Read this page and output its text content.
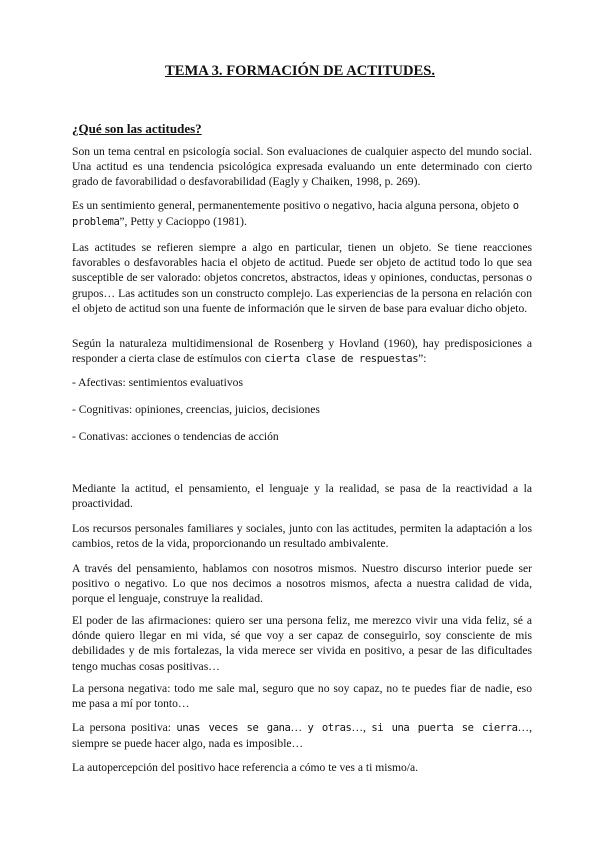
TEMA 3. FORMACIÓN DE ACTITUDES.
¿Qué son las actitudes?

Son un tema central en psicología social. Son evaluaciones de cualquier aspecto del mundo social. Una actitud es una tendencia psicológica expresada evaluando un ente determinado con cierto grado de favorabilidad o desfavorabilidad (Eagly y Chaiken, 1998, p. 269).

Es un sentimiento general, permanentemente positivo o negativo, hacia alguna persona, objeto o problema”, Petty y Cacioppo (1981).

Las actitudes se refieren siempre a algo en particular, tienen un objeto. Se tiene reacciones favorables o desfavorables hacia el objeto de actitud. Puede ser objeto de actitud todo lo que sea susceptible de ser valorado: objetos concretos, abstractos, ideas y opiniones, conductas, personas o grupos… Las actitudes son un constructo complejo. Las experiencias de la persona en relación con el objeto de actitud son una fuente de información que le sirven de base para evaluar dicho objeto.

Según la naturaleza multidimensional de Rosenberg y Hovland (1960), hay predisposiciones a responder a cierta clase de estímulos con cierta clase de respuestas”:

- Afectivas: sentimientos evaluativos

- Cognitivas: opiniones, creencias, juicios, decisiones

- Conativas: acciones o tendencias de acción

Mediante la actitud, el pensamiento, el lenguaje y la realidad, se pasa de la reactividad a la proactividad.

Los recursos personales familiares y sociales, junto con las actitudes, permiten la adaptación a los cambios, retos de la vida, proporcionando un resultado ambivalente.

A través del pensamiento, hablamos con nosotros mismos. Nuestro discurso interior puede ser positivo o negativo. Lo que nos decimos a nosotros mismos, afecta a nuestra calidad de vida, porque el lenguaje, construye la realidad.

El poder de las afirmaciones: quiero ser una persona feliz, me merezco vivir una vida feliz, sé a dónde quiero llegar en mi vida, sé que voy a ser capaz de conseguirlo, soy consciente de mis debilidades y de mis fortalezas, la vida merece ser vivida en positivo, a pesar de las dificultades tengo muchas cosas positivas…

La persona negativa: todo me sale mal, seguro que no soy capaz, no te puedes fiar de nadie, eso me pasa a mí por tonto…

La persona positiva: unas veces se gana… y otras…, si una puerta se cierra…, siempre se puede hacer algo, nada es imposible…

La autopercepción del positivo hace referencia a cómo te ves a ti mismo/a.
